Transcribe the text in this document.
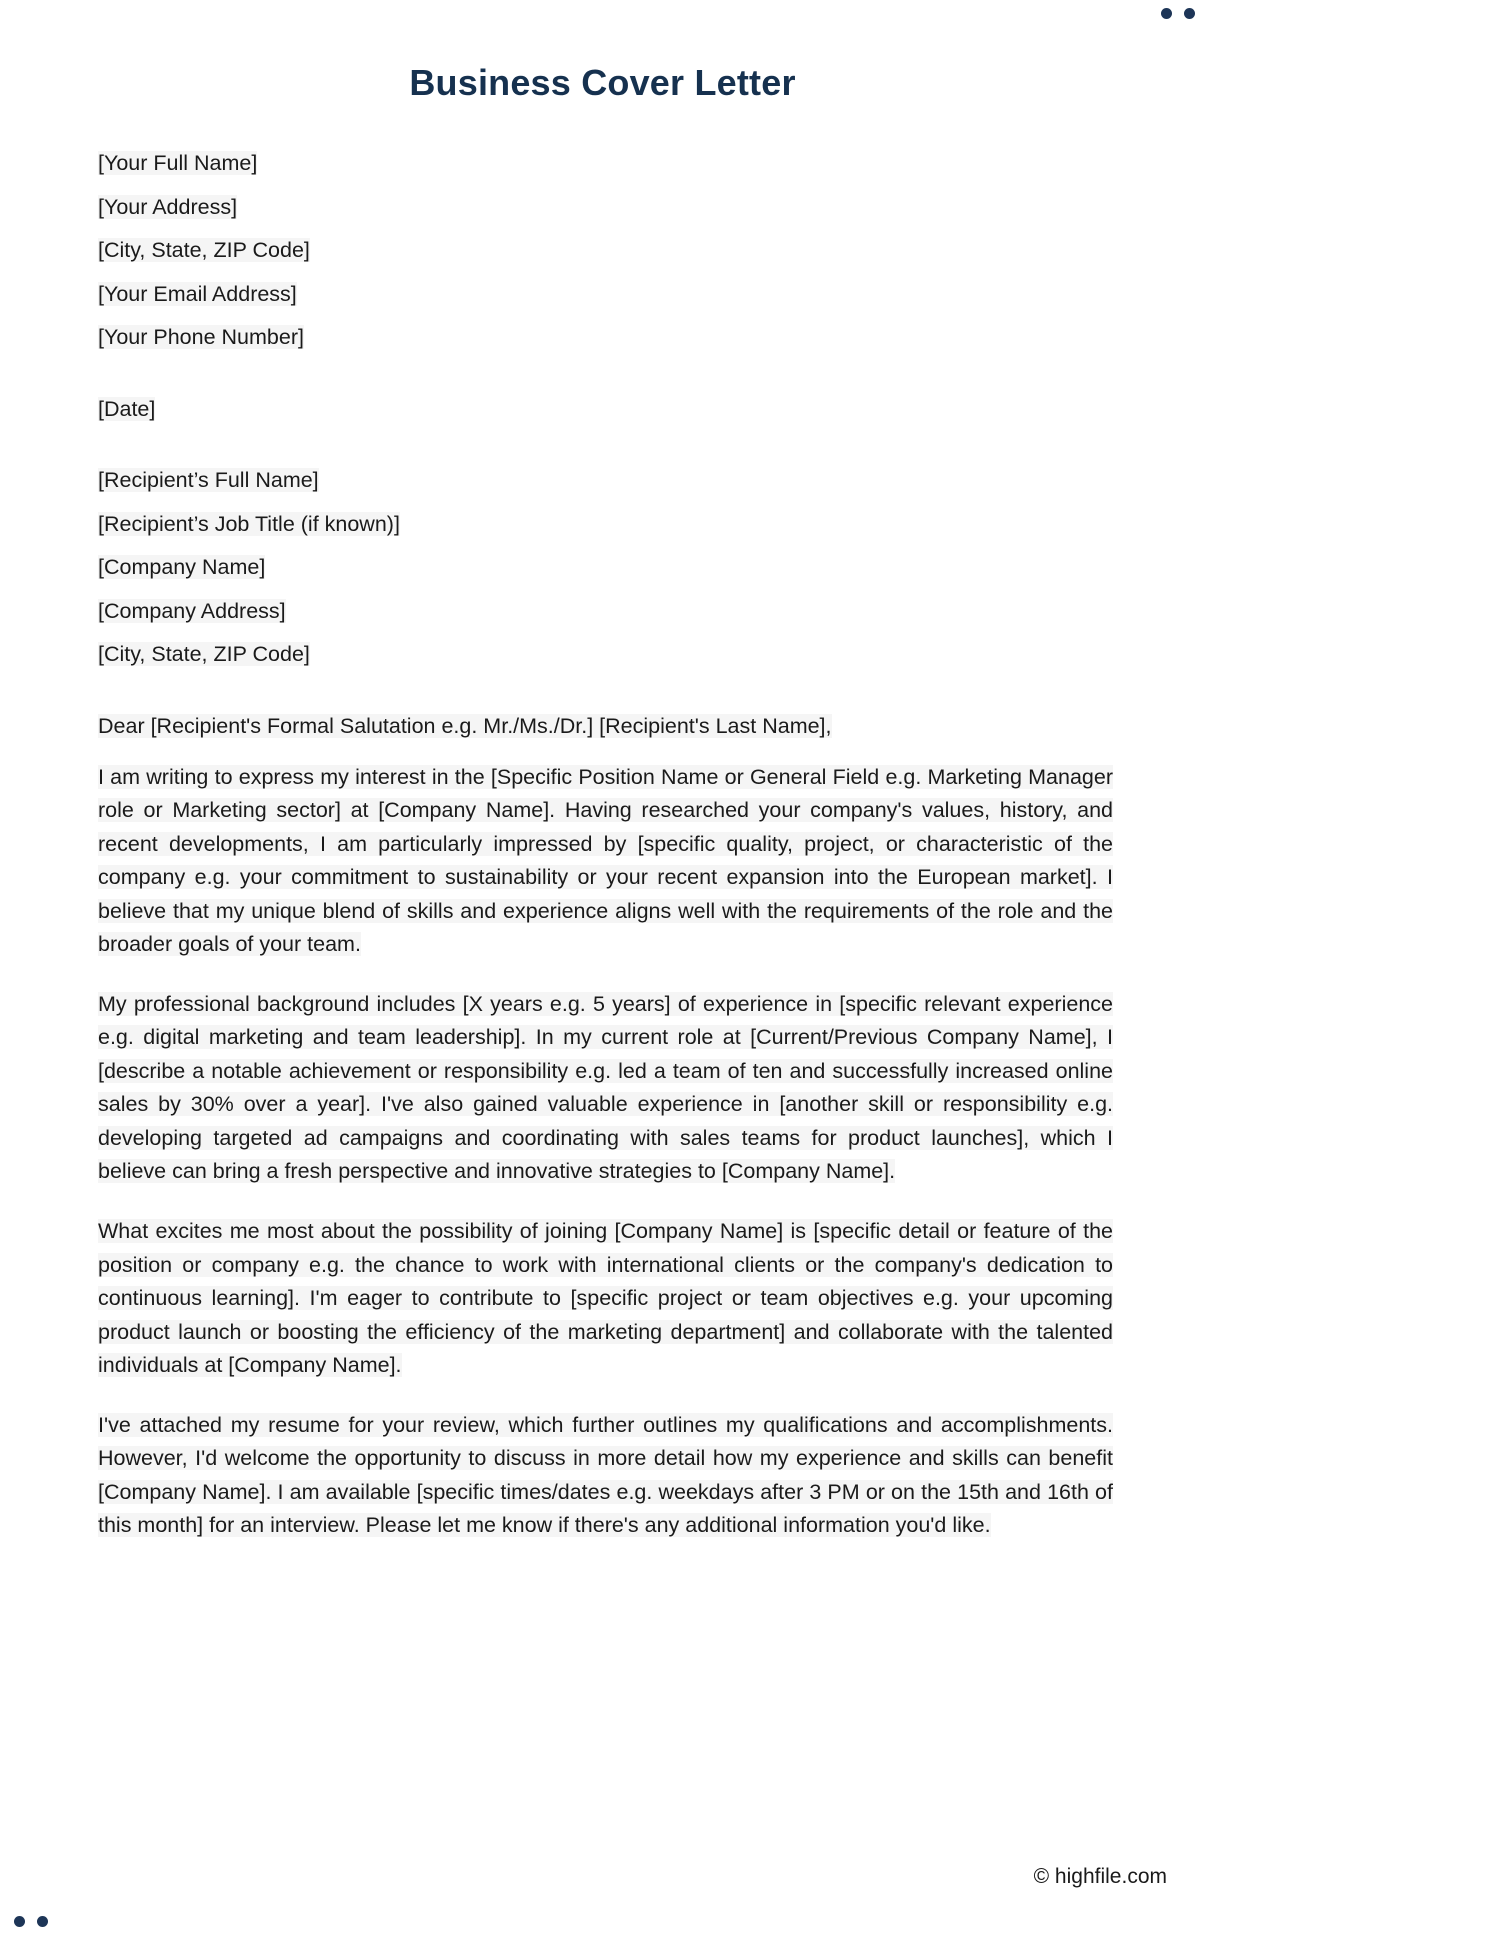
Business Cover Letter
[Your Full Name]
[Your Address]
[City, State, ZIP Code]
[Your Email Address]
[Your Phone Number]
[Date]
[Recipient’s Full Name]
[Recipient’s Job Title (if known)]
[Company Name]
[Company Address]
[City, State, ZIP Code]
Dear [Recipient's Formal Salutation e.g. Mr./Ms./Dr.] [Recipient's Last Name],

I am writing to express my interest in the [Specific Position Name or General Field e.g. Marketing Manager role or Marketing sector] at [Company Name]. Having researched your company's values, history, and recent developments, I am particularly impressed by [specific quality, project, or characteristic of the company e.g. your commitment to sustainability or your recent expansion into the European market]. I believe that my unique blend of skills and experience aligns well with the requirements of the role and the broader goals of your team.

My professional background includes [X years e.g. 5 years] of experience in [specific relevant experience e.g. digital marketing and team leadership]. In my current role at [Current/Previous Company Name], I [describe a notable achievement or responsibility e.g. led a team of ten and successfully increased online sales by 30% over a year]. I've also gained valuable experience in [another skill or responsibility e.g. developing targeted ad campaigns and coordinating with sales teams for product launches], which I believe can bring a fresh perspective and innovative strategies to [Company Name].

What excites me most about the possibility of joining [Company Name] is [specific detail or feature of the position or company e.g. the chance to work with international clients or the company's dedication to continuous learning]. I'm eager to contribute to [specific project or team objectives e.g. your upcoming product launch or boosting the efficiency of the marketing department] and collaborate with the talented individuals at [Company Name].

I've attached my resume for your review, which further outlines my qualifications and accomplishments. However, I'd welcome the opportunity to discuss in more detail how my experience and skills can benefit [Company Name]. I am available [specific times/dates e.g. weekdays after 3 PM or on the 15th and 16th of this month] for an interview. Please let me know if there's any additional information you'd like.

© highfile.com
